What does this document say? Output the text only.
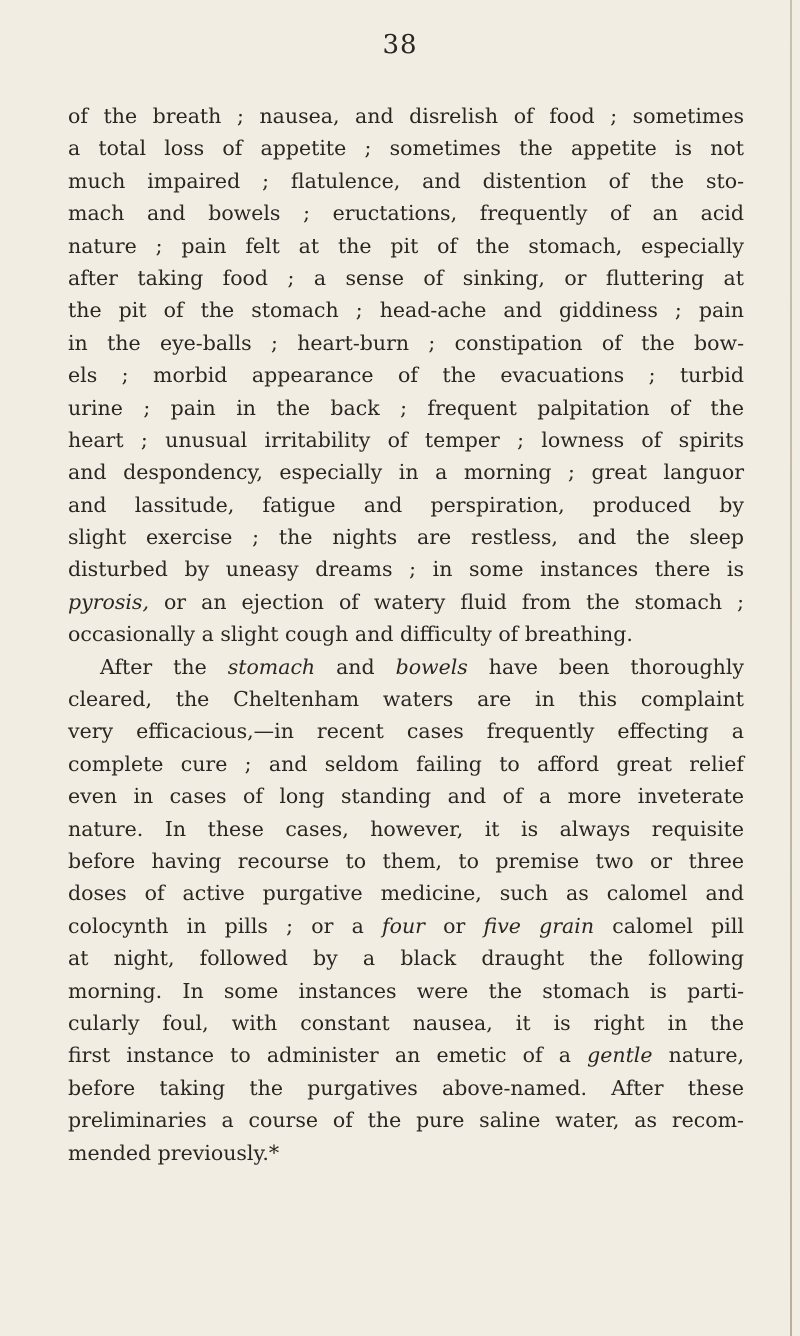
38
of the breath ; nausea, and disrelish of food ; sometimes
a total loss of appetite ; sometimes the appetite is not
much impaired ; flatulence, and distention of the sto-
mach and bowels ; eructations, frequently of an acid
nature ; pain felt at the pit of the stomach, especially
after taking food ; a sense of sinking, or fluttering at
the pit of the stomach ; head-ache and giddiness ; pain
in the eye-balls ; heart-burn ; constipation of the bow-
els ; morbid appearance of the evacuations ; turbid
urine ; pain in the back ; frequent palpitation of the
heart ; unusual irritability of temper ; lowness of spirits
and despondency, especially in a morning ; great languor
and lassitude, fatigue and perspiration, produced by
slight exercise ; the nights are restless, and the sleep
disturbed by uneasy dreams ; in some instances there is
pyrosis, or an ejection of watery fluid from the stomach ;
occasionally a slight cough and difficulty of breathing.
After the stomach and bowels have been thoroughly
cleared, the Cheltenham waters are in this complaint
very efficacious,—in recent cases frequently effecting a
complete cure ; and seldom failing to afford great relief
even in cases of long standing and of a more inveterate
nature. In these cases, however, it is always requisite
before having recourse to them, to premise two or three
doses of active purgative medicine, such as calomel and
colocynth in pills ; or a four or five grain calomel pill
at night, followed by a black draught the following
morning. In some instances were the stomach is parti-
cularly foul, with constant nausea, it is right in the
first instance to administer an emetic of a gentle nature,
before taking the purgatives above-named. After these
preliminaries a course of the pure saline water, as recom-
mended previously.*
